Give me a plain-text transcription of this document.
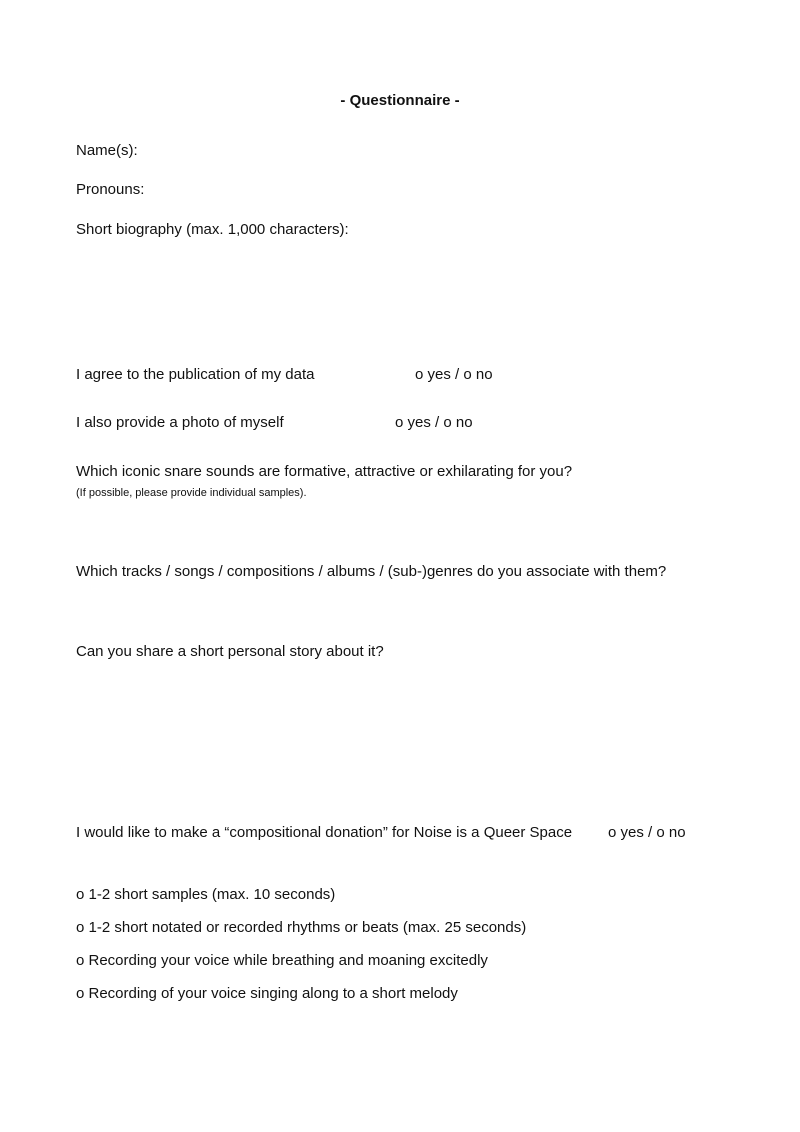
- Questionnaire -
Name(s):
Pronouns:
Short biography (max. 1,000 characters):
I agree to the publication of my data	o yes / o no
I also provide a photo of myself	o yes / o no
Which iconic snare sounds are formative, attractive or exhilarating for you?
(If possible, please provide individual samples).
Which tracks / songs / compositions / albums / (sub-)genres do you associate with them?
Can you share a short personal story about it?
I would like to make a “compositional donation” for Noise is a Queer Space o yes / o no
o 1-2 short samples (max. 10 seconds)
o 1-2 short notated or recorded rhythms or beats (max. 25 seconds)
o Recording your voice while breathing and moaning excitedly
o Recording of your voice singing along to a short melody
